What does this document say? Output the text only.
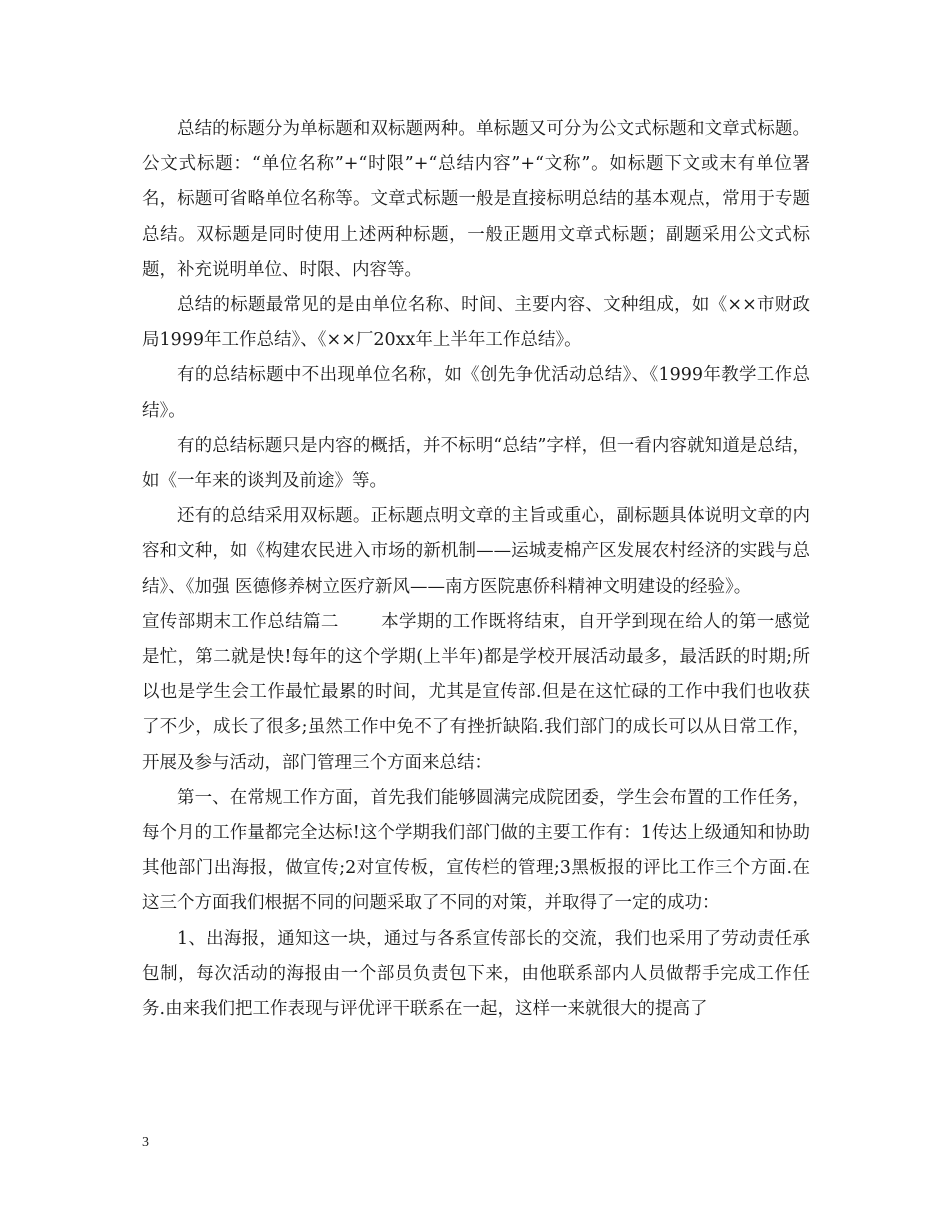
总结的标题分为单标题和双标题两种。单标题又可分为公文式标题和文章式标题。公文式标题：“单位名称”+“时限”+“总结内容”+“文称”。如标题下文或末有单位署名，标题可省略单位名称等。文章式标题一般是直接标明总结的基本观点，常用于专题总结。双标题是同时使用上述两种标题，一般正题用文章式标题；副题采用公文式标题，补充说明单位、时限、内容等。

总结的标题最常见的是由单位名称、时间、主要内容、文种组成，如《××市财政局1999年工作总结》、《××厂20xx年上半年工作总结》。

有的总结标题中不出现单位名称，如《创先争优活动总结》、《1999年教学工作总结》。

有的总结标题只是内容的概括，并不标明“总结”字样，但一看内容就知道是总结，如《一年来的谈判及前途》等。

还有的总结采用双标题。正标题点明文章的主旨或重心，副标题具体说明文章的内容和文种，如《构建农民进入市场的新机制——运城麦棉产区发展农村经济的实践与总结》、《加强 医德修养树立医疗新风——南方医院惠侨科精神文明建设的经验》。

宣传部期末工作总结篇二 本学期的工作既将结束，自开学到现在给人的第一感觉是忙，第二就是快!每年的这个学期(上半年)都是学校开展活动最多，最活跃的时期;所以也是学生会工作最忙最累的时间，尤其是宣传部.但是在这忙碌的工作中我们也收获了不少，成长了很多;虽然工作中免不了有挫折缺陷.我们部门的成长可以从日常工作，开展及参与活动，部门管理三个方面来总结：

第一、在常规工作方面，首先我们能够圆满完成院团委，学生会布置的工作任务，每个月的工作量都完全达标!这个学期我们部门做的主要工作有：1传达上级通知和协助其他部门出海报，做宣传;2对宣传板，宣传栏的管理;3黑板报的评比工作三个方面.在这三个方面我们根据不同的问题采取了不同的对策，并取得了一定的成功：

1、出海报，通知这一块，通过与各系宣传部长的交流，我们也采用了劳动责任承包制，每次活动的海报由一个部员负责包下来，由他联系部内人员做帮手完成工作任务.由来我们把工作表现与评优评干联系在一起，这样一来就很大的提高了

3
